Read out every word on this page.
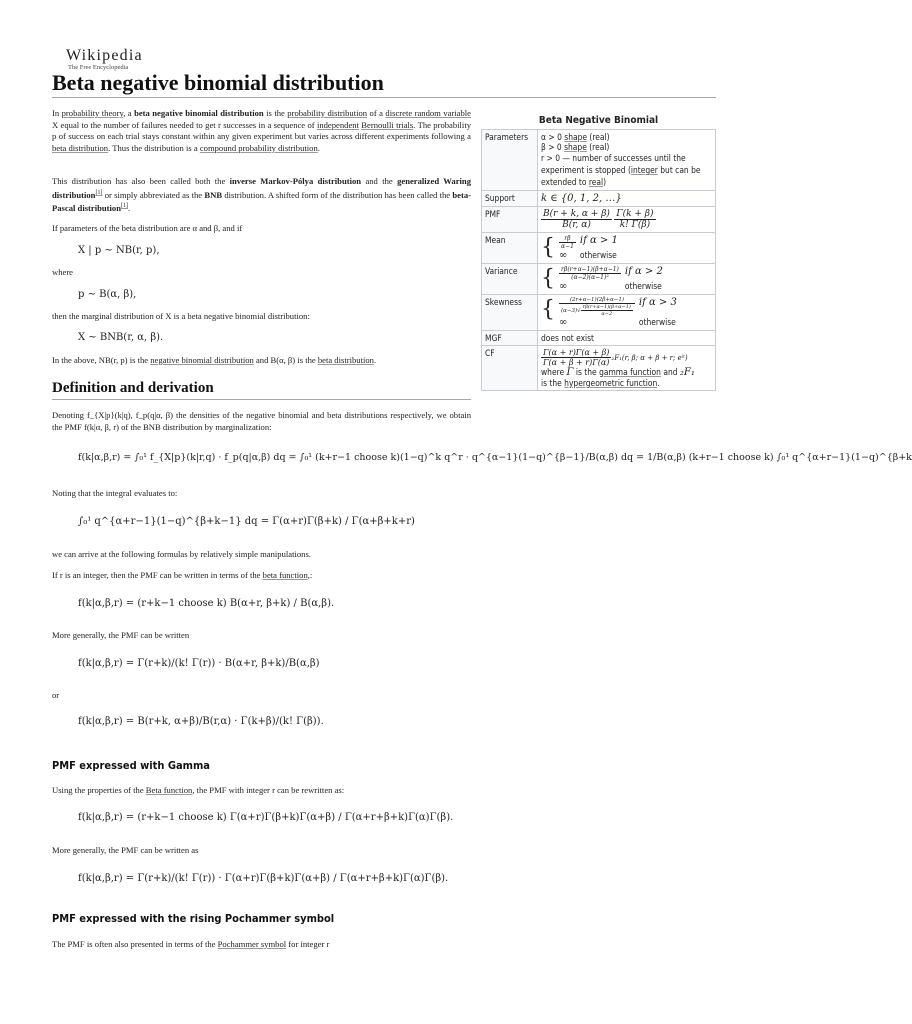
Wikipedia
The Free Encyclopedia
Beta negative binomial distribution
In probability theory, a beta negative binomial distribution is the probability distribution of a discrete random variable X equal to the number of failures needed to get r successes in a sequence of independent Bernoulli trials. The probability p of success on each trial stays constant within any given experiment but varies across different experiments following a beta distribution. Thus the distribution is a compound probability distribution.
This distribution has also been called both the inverse Markov-Pólya distribution and the generalized Waring distribution[1] or simply abbreviated as the BNB distribution. A shifted form of the distribution has been called the beta-Pascal distribution[1].
If parameters of the beta distribution are α and β, and if
X | p ∼ NB(r, p),
where
p ∼ B(α, β),
then the marginal distribution of X is a beta negative binomial distribution:
X ∼ BNB(r, α, β).
In the above, NB(r, p) is the negative binomial distribution and B(α, β) is the beta distribution.
Definition and derivation
Denoting f_{X|p}(k|q), f_p(q|α, β) the densities of the negative binomial and beta distributions respectively, we obtain the PMF f(k|α, β, r) of the BNB distribution by marginalization:
f(k|α,β,r) = ∫₀¹ f_{X|p}(k|r,q) · f_p(q|α,β) dq = ∫₀¹ (k+r−1 choose k)(1−q)^k q^r · q^{α−1}(1−q)^{β−1}/B(α,β) dq = 1/B(α,β) (k+r−1 choose k) ∫₀¹ q^{α+r−1}(1−q)^{β+k
Noting that the integral evaluates to:
∫₀¹ q^{α+r−1}(1−q)^{β+k−1} dq = Γ(α+r)Γ(β+k) / Γ(α+β+k+r)
we can arrive at the following formulas by relatively simple manipulations.
If r is an integer, then the PMF can be written in terms of the beta function,:
f(k|α,β,r) = (r+k−1 choose k) B(α+r, β+k) / B(α,β).
More generally, the PMF can be written
f(k|α,β,r) = Γ(r+k)/(k! Γ(r)) · B(α+r, β+k)/B(α,β)
or
f(k|α,β,r) = B(r+k, α+β)/B(r,α) · Γ(k+β)/(k! Γ(β)).
PMF expressed with Gamma
Using the properties of the Beta function, the PMF with integer r can be rewritten as:
f(k|α,β,r) = (r+k−1 choose k) Γ(α+r)Γ(β+k)Γ(α+β) / Γ(α+r+β+k)Γ(α)Γ(β).
More generally, the PMF can be written as
f(k|α,β,r) = Γ(r+k)/(k! Γ(r)) · Γ(α+r)Γ(β+k)Γ(α+β) / Γ(α+r+β+k)Γ(α)Γ(β).
PMF expressed with the rising Pochammer symbol
The PMF is often also presented in terms of the Pochammer symbol for integer r
Beta Negative Binomial
Parameters	α > 0 shape (real)
β > 0 shape (real)
r > 0 — number of successes until the experiment is stopped (integer but can be extended to real)

Support	k ∈ {0, 1, 2, …}
PMF	$\frac{B(r + k, \alpha + \beta)}{B(r, \alpha)}$
$\frac{\Gamma(k + \beta)}{k! \Gamma(\beta)}$

Mean	{	$\frac{r\beta}{\alpha-1}$	if α > 1
∞	otherwise

Variance	{	$\frac{r\beta(r+\alpha-1)(\beta+\alpha-1)}{\text{(α−2)(α−1)²}}$	if α > 2
∞	otherwise

Skewness	{	$\frac{(2r+\alpha-1)(2\beta+\alpha-1)}{(\alpha-3)√ \frac{r\beta(r+\alpha-1)(\beta+\alpha-1)}{\alpha-2}}$	if α > 3
∞	otherwise

MGF	does not exist
CF	$\frac{\Gamma(\alpha + r)\Gamma(\alpha + \beta)}{\Gamma(\alpha + \beta + r)\Gamma(\alpha)} _2F_1(r$, β; α + β + r; eⁱᵗ)
where Γ is the gamma function and ₂F₁
is the hypergeometric function.
